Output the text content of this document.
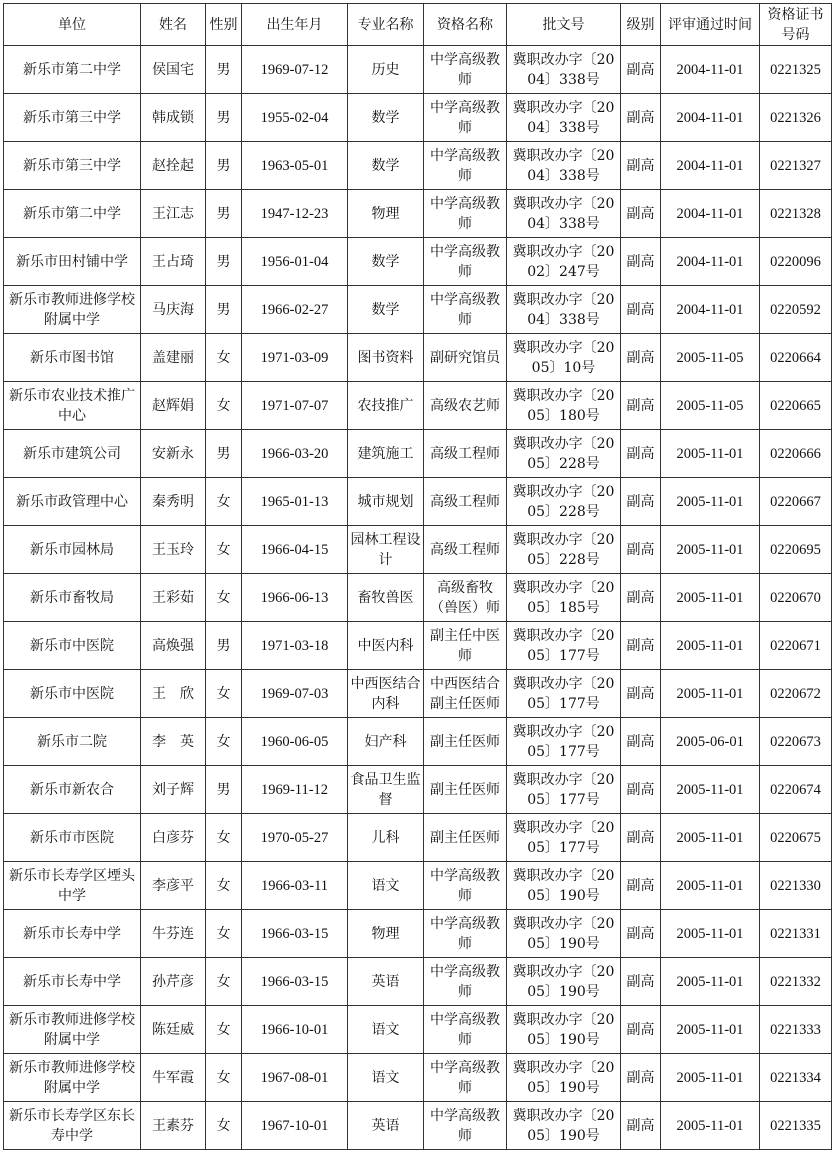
单位	姓名	性别	出生年月	专业名称	资格名称	批文号	级别	评审通过时间	资格证书号码
新乐市第二中学	侯国宅	男	1969-07-12	历史	中学高级教师	冀职改办字〔2004〕338号	副高	2004-11-01	0221325
新乐市第三中学	韩成锁	男	1955-02-04	数学	中学高级教师	冀职改办字〔2004〕338号	副高	2004-11-01	0221326
新乐市第三中学	赵拴起	男	1963-05-01	数学	中学高级教师	冀职改办字〔2004〕338号	副高	2004-11-01	0221327
新乐市第二中学	王江志	男	1947-12-23	物理	中学高级教师	冀职改办字〔2004〕338号	副高	2004-11-01	0221328
新乐市田村铺中学	王占琦	男	1956-01-04	数学	中学高级教师	冀职改办字〔2002〕247号	副高	2004-11-01	0220096
新乐市教师进修学校附属中学	马庆海	男	1966-02-27	数学	中学高级教师	冀职改办字〔2004〕338号	副高	2004-11-01	0220592
新乐市图书馆	盖建丽	女	1971-03-09	图书资料	副研究馆员	冀职改办字〔2005〕10号	副高	2005-11-05	0220664
新乐市农业技术推广中心	赵辉娟	女	1971-07-07	农技推广	高级农艺师	冀职改办字〔2005〕180号	副高	2005-11-05	0220665
新乐市建筑公司	安新永	男	1966-03-20	建筑施工	高级工程师	冀职改办字〔2005〕228号	副高	2005-11-01	0220666
新乐市政管理中心	秦秀明	女	1965-01-13	城市规划	高级工程师	冀职改办字〔2005〕228号	副高	2005-11-01	0220667
新乐市园林局	王玉玲	女	1966-04-15	园林工程设计	高级工程师	冀职改办字〔2005〕228号	副高	2005-11-01	0220695
新乐市畜牧局	王彩茹	女	1966-06-13	畜牧兽医	高级畜牧（兽医）师	冀职改办字〔2005〕185号	副高	2005-11-01	0220670
新乐市中医院	高焕强	男	1971-03-18	中医内科	副主任中医师	冀职改办字〔2005〕177号	副高	2005-11-01	0220671
新乐市中医院	王　欣	女	1969-07-03	中西医结合内科	中西医结合副主任医师	冀职改办字〔2005〕177号	副高	2005-11-01	0220672
新乐市二院	李　英	女	1960-06-05	妇产科	副主任医师	冀职改办字〔2005〕177号	副高	2005-06-01	0220673
新乐市新农合	刘子辉	男	1969-11-12	食品卫生监督	副主任医师	冀职改办字〔2005〕177号	副高	2005-11-01	0220674
新乐市市医院	白彦芬	女	1970-05-27	儿科	副主任医师	冀职改办字〔2005〕177号	副高	2005-11-01	0220675
新乐市长寿学区堙头中学	李彦平	女	1966-03-11	语文	中学高级教师	冀职改办字〔2005〕190号	副高	2005-11-01	0221330
新乐市长寿中学	牛芬连	女	1966-03-15	物理	中学高级教师	冀职改办字〔2005〕190号	副高	2005-11-01	0221331
新乐市长寿中学	孙芹彦	女	1966-03-15	英语	中学高级教师	冀职改办字〔2005〕190号	副高	2005-11-01	0221332
新乐市教师进修学校附属中学	陈廷威	女	1966-10-01	语文	中学高级教师	冀职改办字〔2005〕190号	副高	2005-11-01	0221333
新乐市教师进修学校附属中学	牛军霞	女	1967-08-01	语文	中学高级教师	冀职改办字〔2005〕190号	副高	2005-11-01	0221334
新乐市长寿学区东长寿中学	王素芬	女	1967-10-01	英语	中学高级教师	冀职改办字〔2005〕190号	副高	2005-11-01	0221335
